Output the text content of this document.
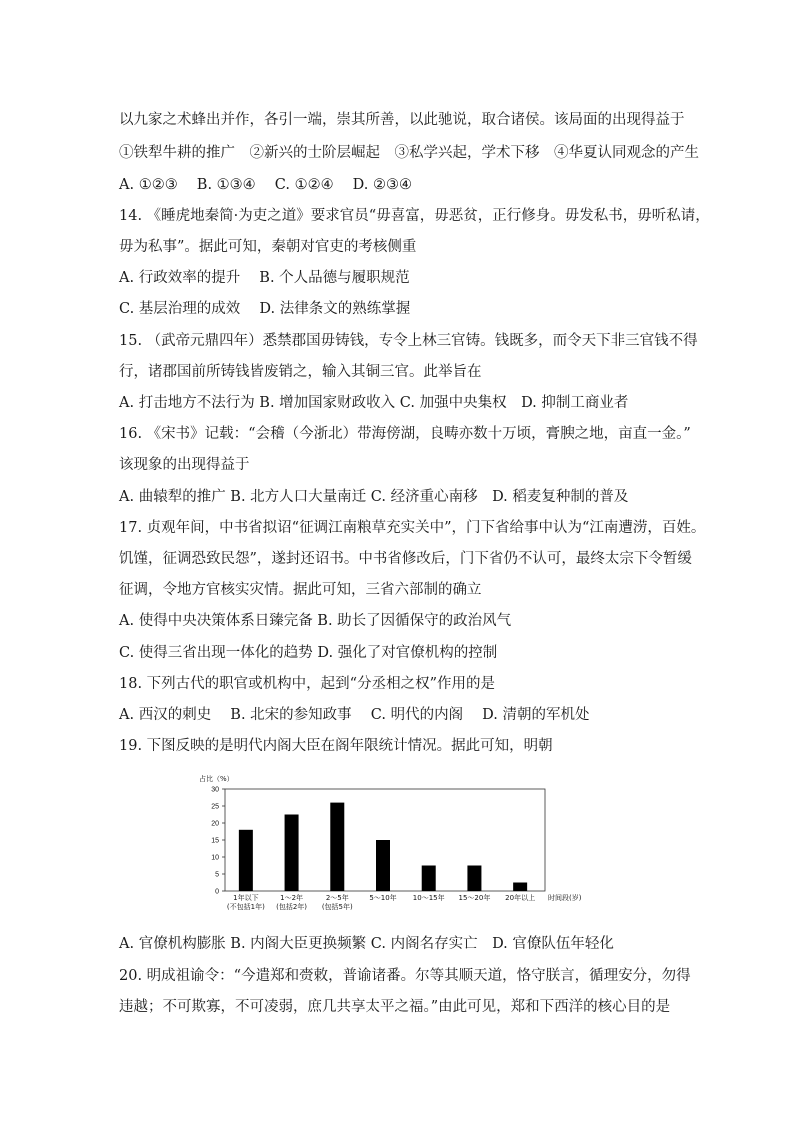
以九家之术蜂出并作，各引一端，崇其所善，以此驰说，取合诸侯。该局面的出现得益于
①铁犁牛耕的推广　②新兴的士阶层崛起　③私学兴起，学术下移　④华夏认同观念的产生
A. ①②③　 B. ①③④　 C. ①②④　 D. ②③④
14. 《睡虎地秦简·为吏之道》要求官员“毋喜富，毋恶贫，正行修身。毋发私书，毋听私请，
毋为私事”。据此可知，秦朝对官吏的考核侧重
A. 行政效率的提升　 B. 个人品德与履职规范
C. 基层治理的成效　 D. 法律条文的熟练掌握
15. （武帝元鼎四年）悉禁郡国毋铸钱，专令上林三官铸。钱既多，而令天下非三官钱不得
行，诸郡国前所铸钱皆废销之，输入其铜三官。此举旨在
A. 打击地方不法行为 B. 增加国家财政收入 C. 加强中央集权　D. 抑制工商业者
16. 《宋书》记载：“会稽（今浙北）带海傍湖，良畴亦数十万顷，膏腴之地，亩直一金。”
该现象的出现得益于
A. 曲辕犁的推广 B. 北方人口大量南迁 C. 经济重心南移　D. 稻麦复种制的普及
17. 贞观年间，中书省拟诏“征调江南粮草充实关中”，门下省给事中认为“江南遭涝，百姓。
饥馑，征调恐致民怨”，遂封还诏书。中书省修改后，门下省仍不认可，最终太宗下令暂缓
征调，令地方官核实灾情。据此可知，三省六部制的确立
A. 使得中央决策体系日臻完备 B. 助长了因循保守的政治风气
C. 使得三省出现一体化的趋势 D. 强化了对官僚机构的控制
18. 下列古代的职官或机构中，起到“分丞相之权”作用的是
A. 西汉的刺史　 B. 北宋的参知政事　 C. 明代的内阁　 D. 清朝的军机处
19. 下图反映的是明代内阁大臣在阁年限统计情况。据此可知，明朝
0
5
10
15
20
25
30
占比（%）
1年以下
(不包括1年)
1～2年
(包括2年)
2～5年
(包括5年)
5～10年 10～15年 15～20年 20年以上 时间段(岁)
A. 官僚机构膨胀 B. 内阁大臣更换频繁 C. 内阁名存实亡　D. 官僚队伍年轻化
20. 明成祖谕令：“今遣郑和赍敕，普谕诸番。尔等其顺天道，恪守朕言，循理安分，勿得
违越；不可欺寡，不可凌弱，庶几共享太平之福。”由此可见，郑和下西洋的核心目的是
